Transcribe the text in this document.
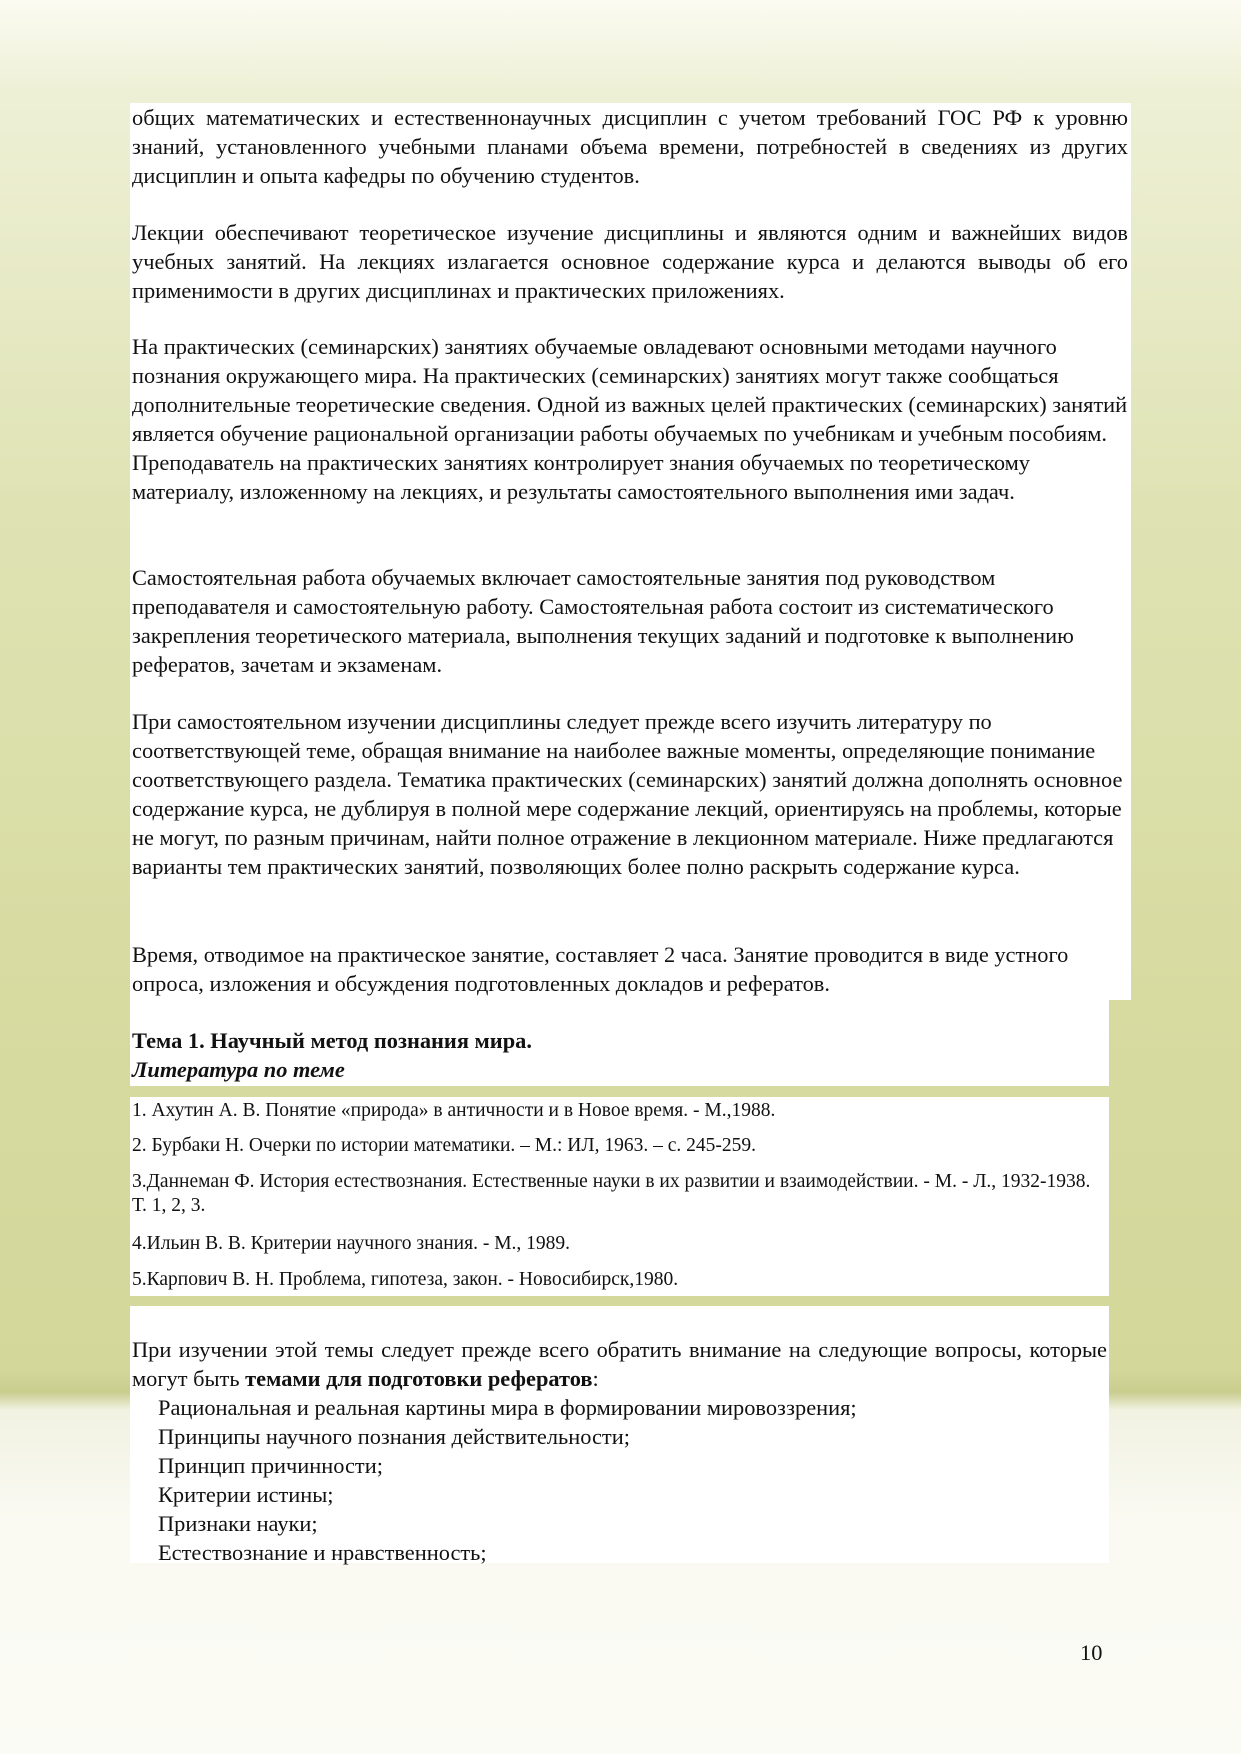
общих математических и естественнонаучных дисциплин с учетом требований ГОС РФ к уровню знаний, установленного учебными планами объема времени, потребностей в сведениях из других дисциплин и опыта кафедры по обучению студентов.

Лекции обеспечивают теоретическое изучение дисциплины и являются одним и важнейших видов учебных занятий. На лекциях излагается основное содержание курса и делаются выводы об его применимости в других дисциплинах и практических приложениях.

На практических (семинарских) занятиях обучаемые овладевают основными методами научного познания окружающего мира. На практических (семинарских) занятиях могут также сообщаться дополнительные теоретические сведения. Одной из важных целей практических (семинарских) занятий является обучение рациональной организации работы обучаемых по учебникам и учебным пособиям. Преподаватель на практических занятиях контролирует знания обучаемых по теоретическому материалу, изложенному на лекциях, и результаты самостоятельного выполнения ими задач.

Самостоятельная работа обучаемых включает самостоятельные занятия под руководством преподавателя и самостоятельную работу. Самостоятельная работа состоит из систематического закрепления теоретического материала, выполнения текущих заданий и подготовке к выполнению рефератов, зачетам и экзаменам.

При самостоятельном изучении дисциплины следует прежде всего изучить литературу по соответствующей теме, обращая внимание на наиболее важные моменты, определяющие понимание соответствующего раздела. Тематика практических (семинарских) занятий должна дополнять основное содержание курса, не дублируя в полной мере содержание лекций, ориентируясь на проблемы, которые не могут, по разным причинам, найти полное отражение в лекционном материале. Ниже предлагаются варианты тем практических занятий, позволяющих более полно раскрыть содержание курса.

Время, отводимое на практическое занятие, составляет 2 часа. Занятие проводится в виде устного опроса, изложения и обсуждения подготовленных докладов и рефератов.

Тема 1. Научный метод познания мира.

Литература по теме

1. Ахутин А. В. Понятие «природа» в античности и в Новое время. - М.,1988.

2. Бурбаки Н. Очерки по истории математики. – М.: ИЛ, 1963. – с. 245-259.

3.Даннеман Ф. История естествознания. Естественные науки в их развитии и взаимодействии. - М. - Л., 1932-1938. Т. 1, 2, 3.

4.Ильин В. В. Критерии научного знания. - М., 1989.

5.Карпович В. Н. Проблема, гипотеза, закон. - Новосибирск,1980.

При изучении этой темы следует прежде всего обратить внимание на следующие вопросы, которые могут быть темами для подготовки рефератов:

Рациональная и реальная картины мира в формировании мировоззрения;
Принципы научного познания действительности;
Принцип причинности;
Критерии истины;
Признаки науки;
Естествознание и нравственность;
10
